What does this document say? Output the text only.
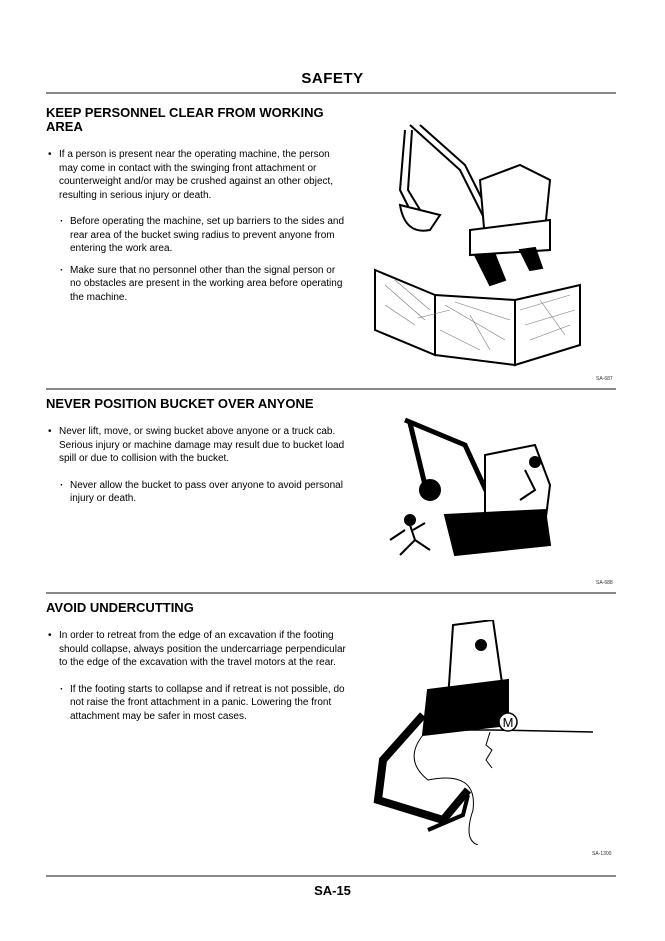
SAFETY
KEEP PERSONNEL CLEAR FROM WORKING AREA
• If a person is present near the operating machine, the person may come in contact with the swinging front attachment or counterweight and/or may be crushed against an other object, resulting in serious injury or death.
· Before operating the machine, set up barriers to the sides and rear area of the bucket swing radius to prevent anyone from entering the work area.
· Make sure that no personnel other than the signal person or no obstacles are present in the working area before operating the machine.
SA-687
NEVER POSITION BUCKET OVER ANYONE
• Never lift, move, or swing bucket above anyone or a truck cab.
Serious injury or machine damage may result due to bucket load spill or due to collision with the bucket.
· Never allow the bucket to pass over anyone to avoid personal injury or death.
SA-688
AVOID UNDERCUTTING
• In order to retreat from the edge of an excavation if the footing should collapse, always position the undercarriage perpendicular to the edge of the excavation with the travel motors at the rear.
· If the footing starts to collapse and if retreat is not possible, do not raise the front attachment in a panic. Lowering the front attachment may be safer in most cases.	M
SA-1300
SA-15
